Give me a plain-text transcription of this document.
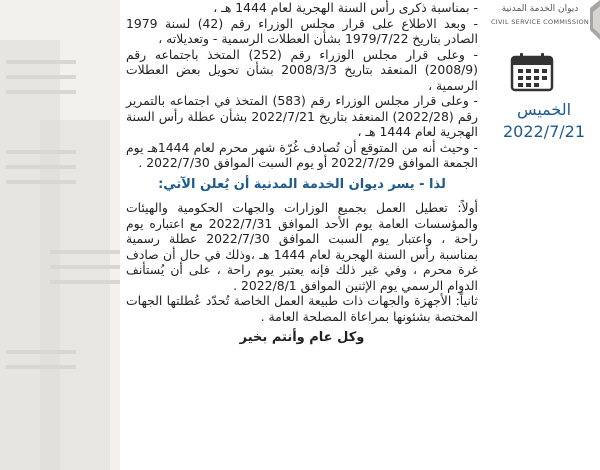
- بمناسبة ذكرى رأس السنة الهجرية لعام 1444 هـ ،

- وبعد الاطلاع على قرار مجلس الوزراء رقم (42) لسنة 1979 الصادر بتاريخ 1979/7/22 بشأن العطلات الرسمية - وتعديلاته ،

- وعلى قرار مجلس الوزراء رقم (252) المتخذ باجتماعه رقم (2008/9) المنعقد بتاريخ 2008/3/3 بشأن تحويل بعض العطلات الرسمية ،

- وعلى قرار مجلس الوزراء رقم (583) المتخذ في اجتماعه بالتمرير رقم (2022/28) المنعقد بتاريخ 2022/7/21 بشأن عطلة رأس السنة الهجرية لعام 1444 هـ ،

- وحيث أنه من المتوقع أن تُصادف غُرّة شهر محرم لعام 1444هـ يوم الجمعة الموافق 2022/7/29 أو يوم السبت الموافق 2022/7/30 .

لذا - يسر ديوان الخدمة المدنية أن يُعلن الآتي:

أولاً: تعطيل العمل بجميع الوزارات والجهات الحكومية والهيئات والمؤسسات العامة يوم الأحد الموافق 2022/7/31 مع اعتباره يوم راحة ، واعتبار يوم السبت الموافق 2022/7/30 عطلة رسمية بمناسبة رأس السنة الهجرية لعام 1444 هـ ،وذلك في حال أن صادف غرة محرم ، وفي غير ذلك فإنه يعتبر يوم راحة ، على أن يُستأنف الدوام الرسمي يوم الإثنين الموافق 2022/8/1 .

ثانياً: الأجهزة والجهات ذات طبيعة العمل الخاصة تُحدّد عُطلتها الجهات المختصة بشئونها بمراعاة المصلحة العامة .

وكل عام وأنتم بخير
ديوان الخدمة المدنية
CIVIL SERVICE COMMISSION
الخميس
2022/7/21
